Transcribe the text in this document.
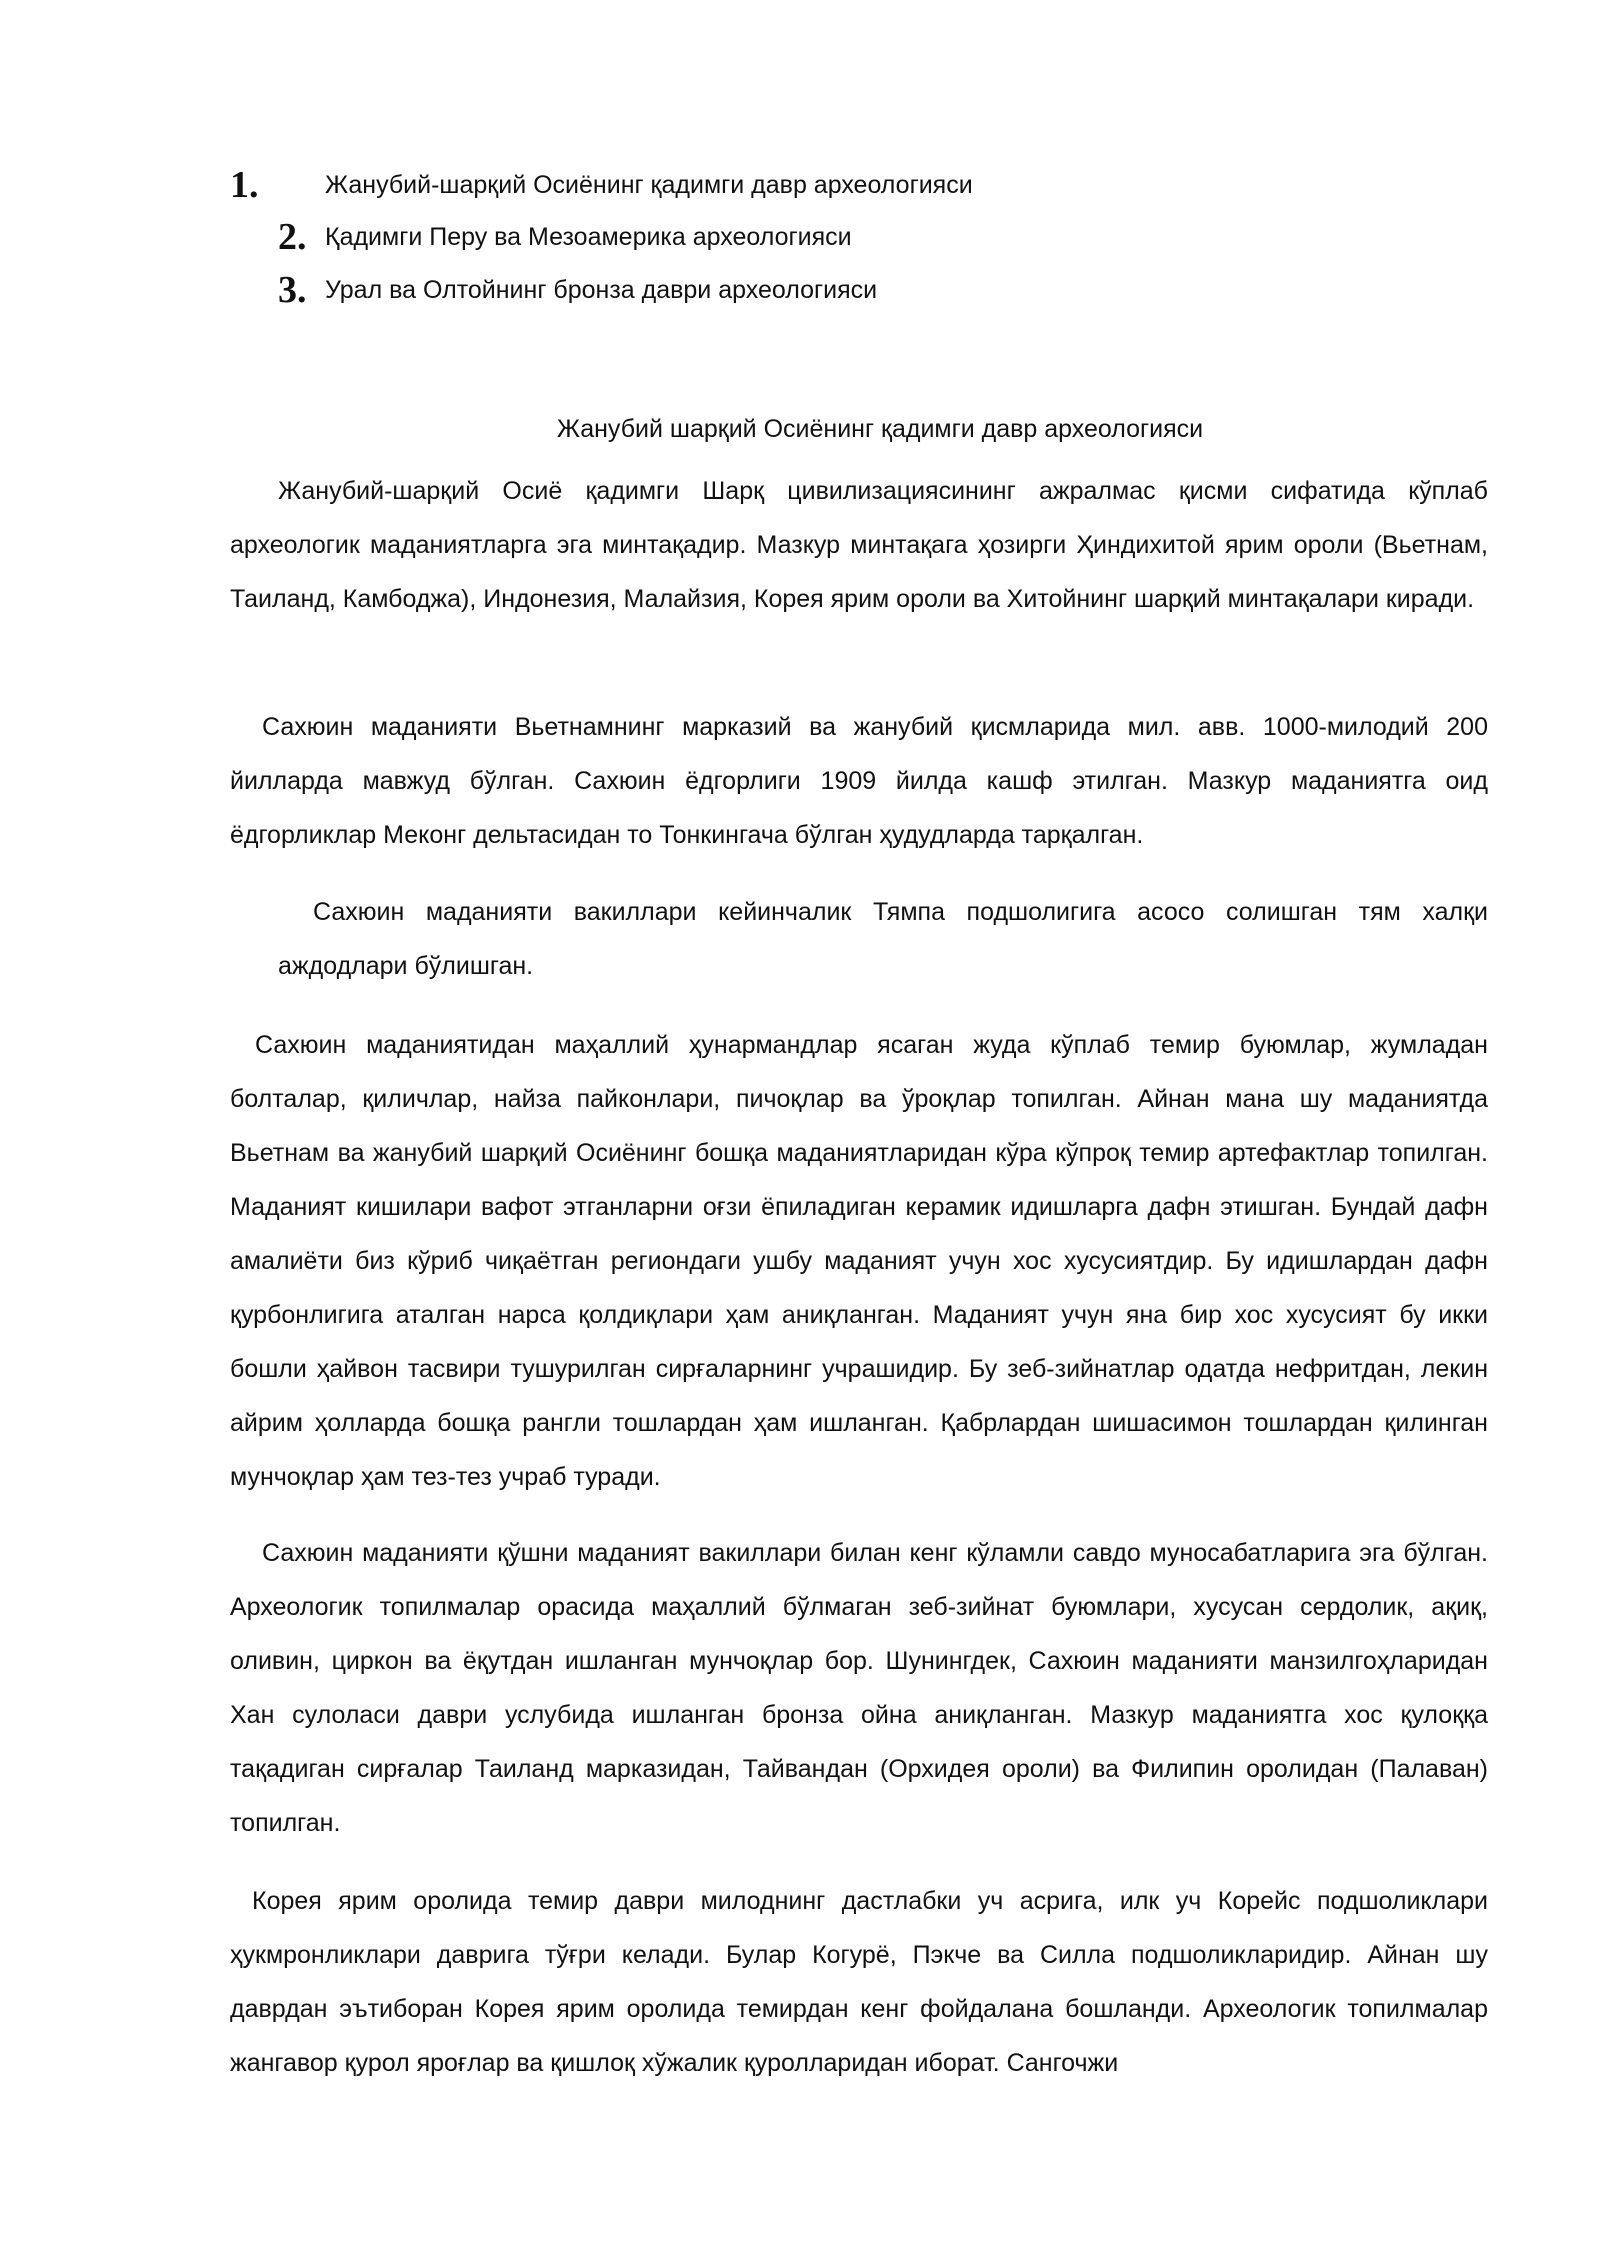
1.	Жанубий-шарқий Осиёнинг қадимги давр археологияси
2. Қадимги Перу ва Мезоамерика археологияси
3. Урал ва Олтойнинг бронза даври археологияси
Жанубий шарқий Осиёнинг қадимги давр археологияси

Жанубий-шарқий Осиё қадимги Шарқ цивилизациясининг ажралмас қисми сифатида кўплаб археологик маданиятларга эга минтақадир. Мазкур минтақага ҳозирги Ҳиндихитой ярим ороли (Вьетнам, Таиланд, Камбоджа), Индонезия, Малайзия, Корея ярим ороли ва Хитойнинг шарқий минтақалари киради.

Сахюин маданияти Вьетнамнинг марказий ва жанубий қисмларида мил. авв. 1000-милодий 200 йилларда мавжуд бўлган. Сахюин ёдгорлиги 1909 йилда кашф этилган. Мазкур маданиятга оид ёдгорликлар Меконг дельтасидан то Тонкингача бўлган ҳудудларда тарқалган.

Сахюин маданияти вакиллари кейинчалик Тямпа подшолигига асосо солишган тям халқи аждодлари бўлишган.

Сахюин маданиятидан маҳаллий ҳунармандлар ясаган жуда кўплаб темир буюмлар, жумладан болталар, қиличлар, найза пайконлари, пичоқлар ва ўроқлар топилган. Айнан мана шу маданиятда Вьетнам ва жанубий шарқий Осиёнинг бошқа маданиятларидан кўра кўпроқ темир артефактлар топилган. Маданият кишилари вафот этганларни оғзи ёпиладиган керамик идишларга дафн этишган. Бундай дафн амалиёти биз кўриб чиқаётган региондаги ушбу маданият учун хос хусусиятдир. Бу идишлардан дафн қурбонлигига аталган нарса қолдиқлари ҳам аниқланган. Маданият учун яна бир хос хусусият бу икки бошли ҳайвон тасвири тушурилган сирғаларнинг учрашидир. Бу зеб-зийнатлар одатда нефритдан, лекин айрим ҳолларда бошқа рангли тошлардан ҳам ишланган. Қабрлардан шишасимон тошлардан қилинган мунчоқлар ҳам тез-тез учраб туради.

Сахюин маданияти қўшни маданият вакиллари билан кенг кўламли савдо муносабатларига эга бўлган. Археологик топилмалар орасида маҳаллий бўлмаган зеб-зийнат буюмлари, хусусан сердолик, ақиқ, оливин, циркон ва ёқутдан ишланган мунчоқлар бор. Шунингдек, Сахюин маданияти манзилгоҳларидан Хан сулоласи даври услубида ишланган бронза ойна аниқланган. Мазкур маданиятга хос қулоққа тақадиган сирғалар Таиланд марказидан, Тайвандан (Орхидея ороли) ва Филипин оролидан (Палаван) топилган.

Корея ярим оролида темир даври милоднинг дастлабки уч асрига, илк уч Корейс подшоликлари ҳукмронликлари даврига тўғри келади. Булар Когурё, Пэкче ва Силла подшоликларидир. Айнан шу даврдан эътиборан Корея ярим оролида темирдан кенг фойдалана бошланди. Археологик топилмалар жангавор қурол яроғлар ва қишлоқ хўжалик қуролларидан иборат. Сангочжи
